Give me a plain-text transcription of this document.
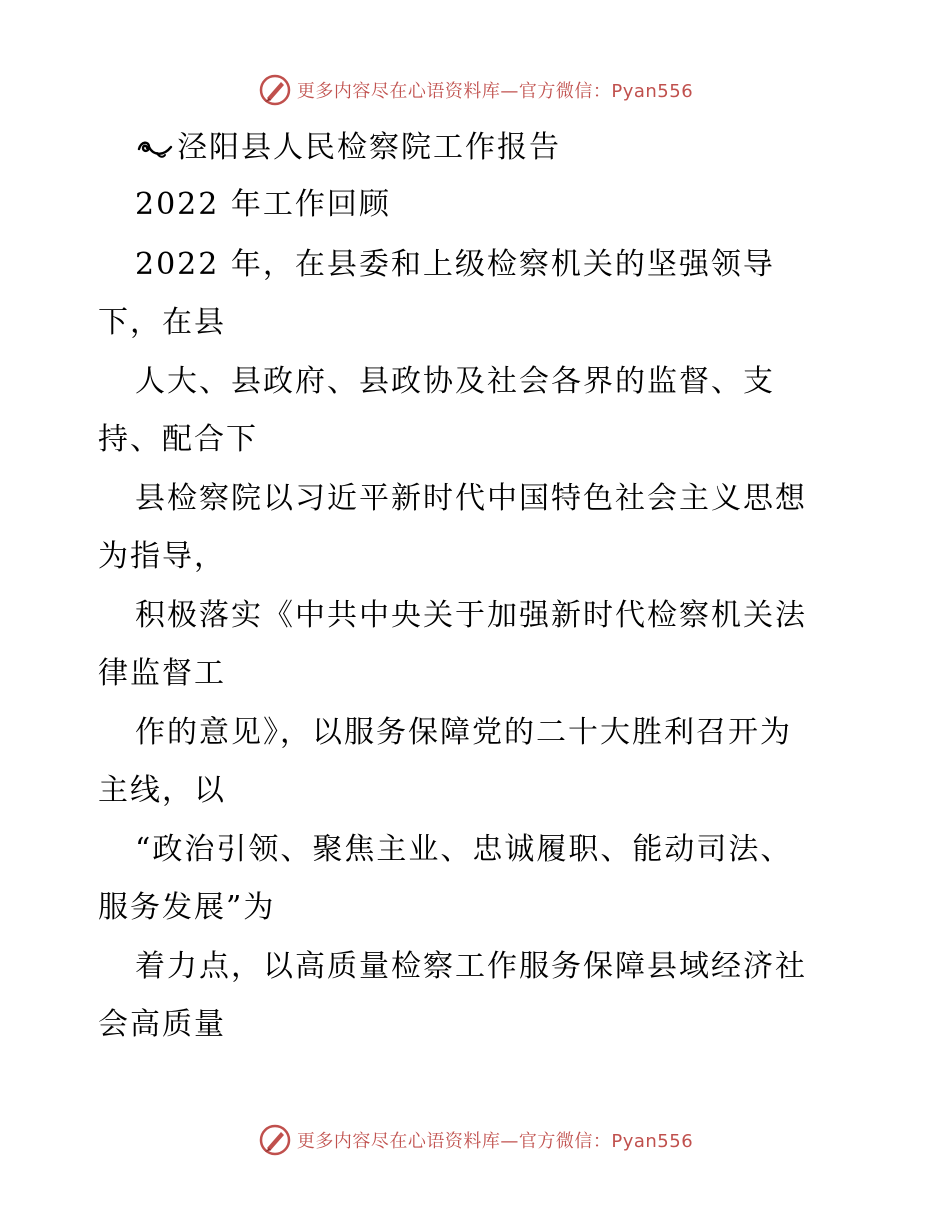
更多内容尽在心语资料库—官方微信：Pyan556
泾阳县人民检察院工作报告
2022 年工作回顾
2022 年，在县委和上级检察机关的坚强领导
下，在县
人大、县政府、县政协及社会各界的监督、支
持、配合下
县检察院以习近平新时代中国特色社会主义思想
为指导，
积极落实《中共中央关于加强新时代检察机关法
律监督工
作的意见》，以服务保障党的二十大胜利召开为
主线，以
“政治引领、聚焦主业、忠诚履职、能动司法、
服务发展”为
着力点，以高质量检察工作服务保障县域经济社
会高质量
更多内容尽在心语资料库—官方微信：Pyan556
